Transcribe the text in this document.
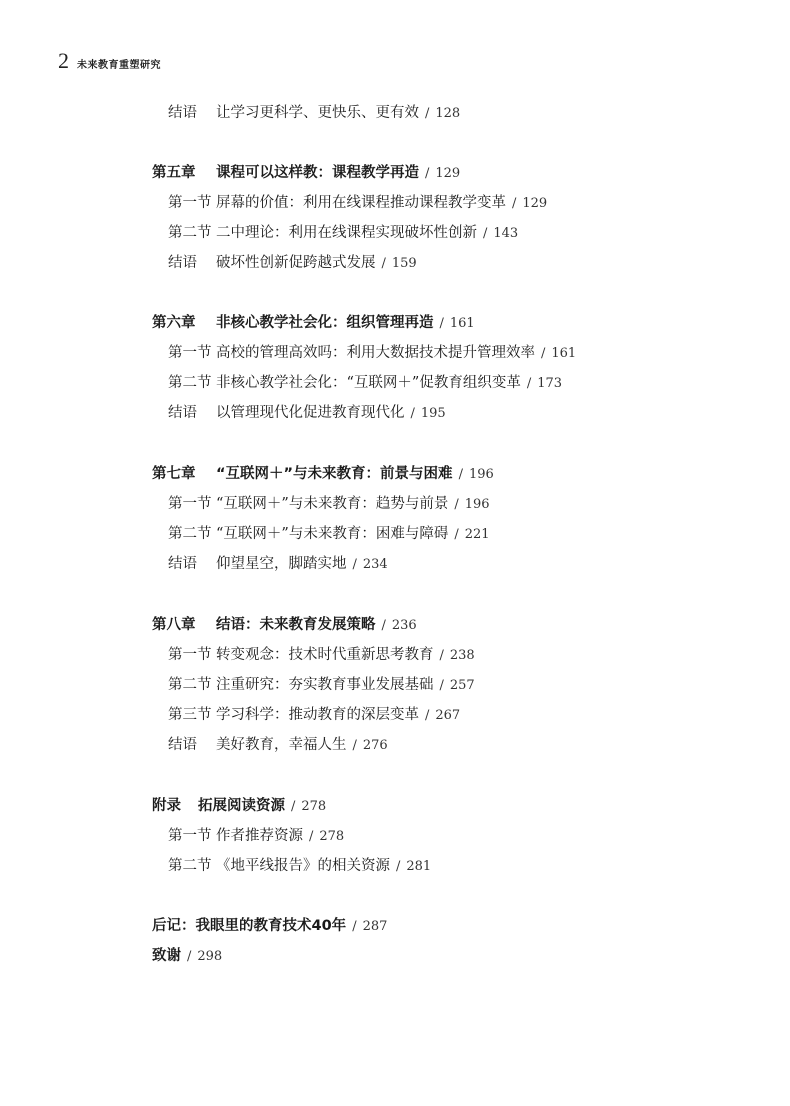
2 未来教育重塑研究
结语 让学习更科学、更快乐、更有效 / 128
第五章 课程可以这样教：课程教学再造 / 129
第一节 屏幕的价值：利用在线课程推动课程教学变革 / 129
第二节 二中理论：利用在线课程实现破坏性创新 / 143
结语 破坏性创新促跨越式发展 / 159
第六章 非核心教学社会化：组织管理再造 / 161
第一节 高校的管理高效吗：利用大数据技术提升管理效率 / 161
第二节 非核心教学社会化：“互联网＋”促教育组织变革 / 173
结语 以管理现代化促进教育现代化 / 195
第七章 “互联网＋”与未来教育：前景与困难 / 196
第一节 “互联网＋”与未来教育：趋势与前景 / 196
第二节 “互联网＋”与未来教育：困难与障碍 / 221
结语 仰望星空，脚踏实地 / 234
第八章 结语：未来教育发展策略 / 236
第一节 转变观念：技术时代重新思考教育 / 238
第二节 注重研究：夯实教育事业发展基础 / 257
第三节 学习科学：推动教育的深层变革 / 267
结语 美好教育，幸福人生 / 276
附录 拓展阅读资源 / 278
第一节 作者推荐资源 / 278
第二节 《地平线报告》的相关资源 / 281
后记：我眼里的教育技术40年 / 287
致谢 / 298
